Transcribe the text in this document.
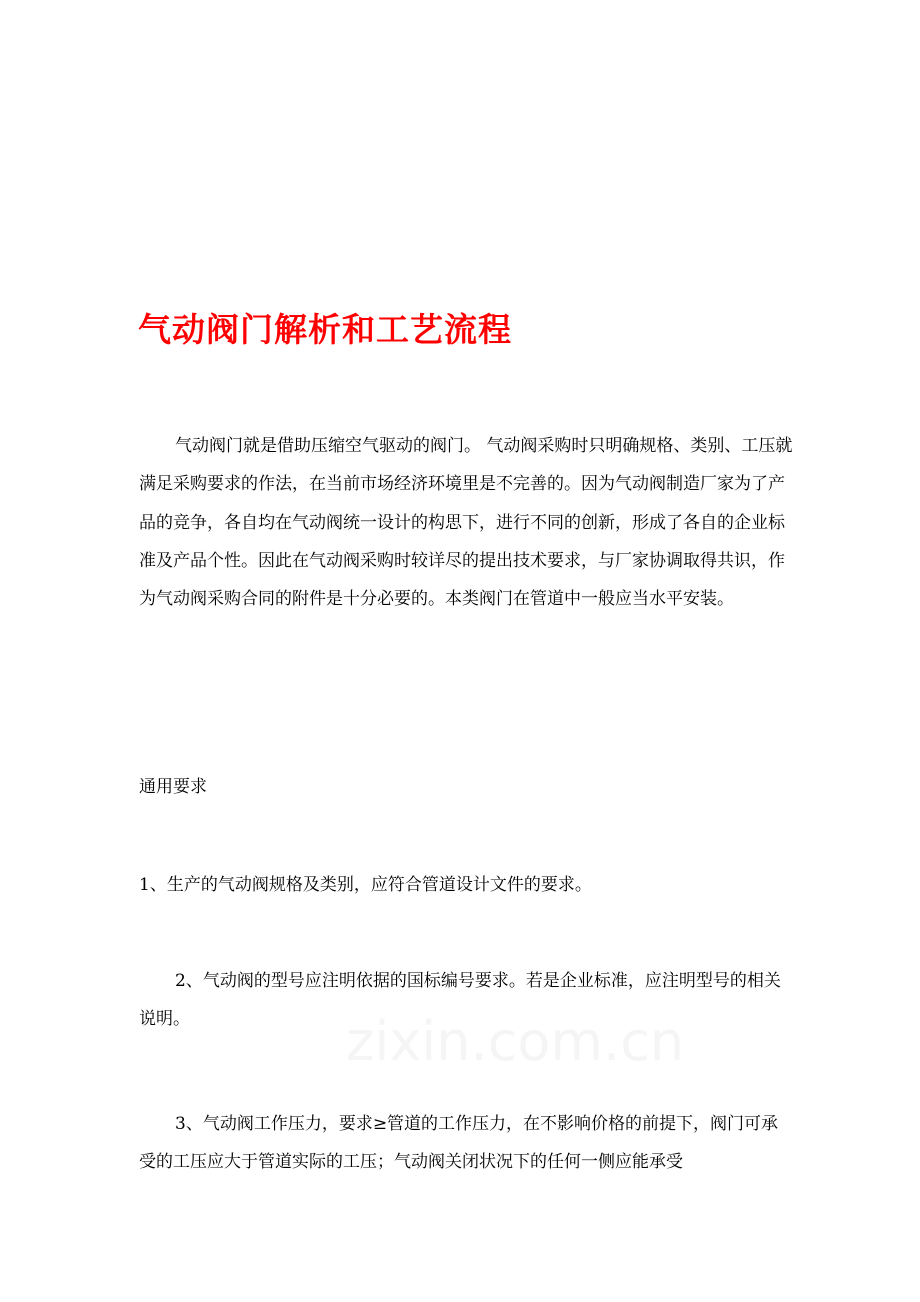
气动阀门解析和工艺流程

气动阀门就是借助压缩空气驱动的阀门。 气动阀采购时只明确规格、类别、工压就满足采购要求的作法，在当前市场经济环境里是不完善的。因为气动阀制造厂家为了产品的竞争，各自均在气动阀统一设计的构思下，进行不同的创新，形成了各自的企业标准及产品个性。因此在气动阀采购时较详尽的提出技术要求，与厂家协调取得共识，作为气动阀采购合同的附件是十分必要的。本类阀门在管道中一般应当水平安装。

通用要求

1、生产的气动阀规格及类别，应符合管道设计文件的要求。

2、气动阀的型号应注明依据的国标编号要求。若是企业标准，应注明型号的相关说明。

3、气动阀工作压力，要求≥管道的工作压力，在不影响价格的前提下，阀门可承受的工压应大于管道实际的工压；气动阀关闭状况下的任何一侧应能承受

zixin.com.cn
